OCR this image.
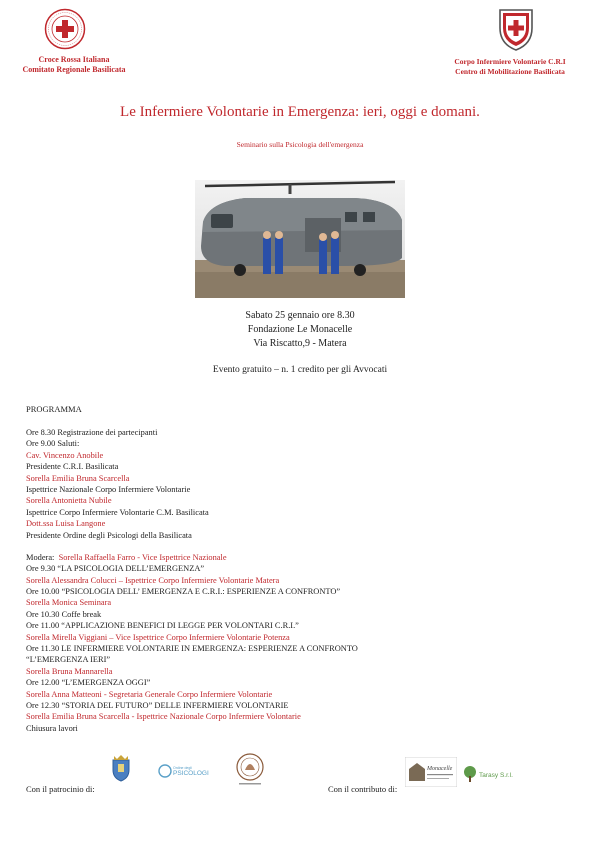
Croce Rossa Italiana
Comitato Regionale Basilicata
Corpo Infermiere Volontarie C.R.I
Centro di Mobilitazione Basilicata
Le Infermiere Volontarie in Emergenza: ieri, oggi e domani.
Seminario sulla Psicologia dell'emergenza
Sabato 25 gennaio ore 8.30
Fondazione Le Monacelle
Via Riscatto,9 - Matera
Evento gratuito – n. 1 credito per gli Avvocati
PROGRAMMA
Ore 8.30 Registrazione dei partecipanti
Ore 9.00 Saluti:
Cav. Vincenzo Anobile
Presidente C.R.I. Basilicata
Sorella Emilia Bruna Scarcella
Ispettrice Nazionale Corpo Infermiere Volontarie
Sorella Antonietta Nubile
Ispettrice Corpo Infermiere Volontarie C.M. Basilicata
Dott.ssa Luisa Langone
Presidente Ordine degli Psicologi della Basilicata
Modera:  Sorella Raffaella Farro - Vice Ispettrice Nazionale
Ore 9.30 “LA PSICOLOGIA DELL’EMERGENZA”
Sorella Alessandra Colucci – Ispettrice Corpo Infermiere Volontarie Matera
Ore 10.00 “PSICOLOGIA DELL’ EMERGENZA E C.R.I.: ESPERIENZE A CONFRONTO”
Sorella Monica Seminara
Ore 10.30 Coffe break
Ore 11.00 “APPLICAZIONE BENEFICI DI LEGGE PER VOLONTARI C.R.I.”
Sorella Mirella Viggiani – Vice Ispettrice Corpo Infermiere Volontarie Potenza
Ore 11.30 LE INFERMIERE VOLONTARIE IN EMERGENZA: ESPERIENZE A CONFRONTO
“L’EMERGENZA IERI”
Sorella Bruna Mannarella
Ore 12.00 “L’EMERGENZA OGGI”
Sorella Anna Matteoni - Segretaria Generale Corpo Infermiere Volontarie
Ore 12.30 “STORIA DEL FUTURO” DELLE INFERMIERE VOLONTARIE
Sorella Emilia Bruna Scarcella - Ispettrice Nazionale Corpo Infermiere Volontarie
Chiusura lavori
Con il patrocinio di:	Con il contributo di:
Ordine degli
PSICOLOGI
Monacelle
Tarasy S.r.l.
